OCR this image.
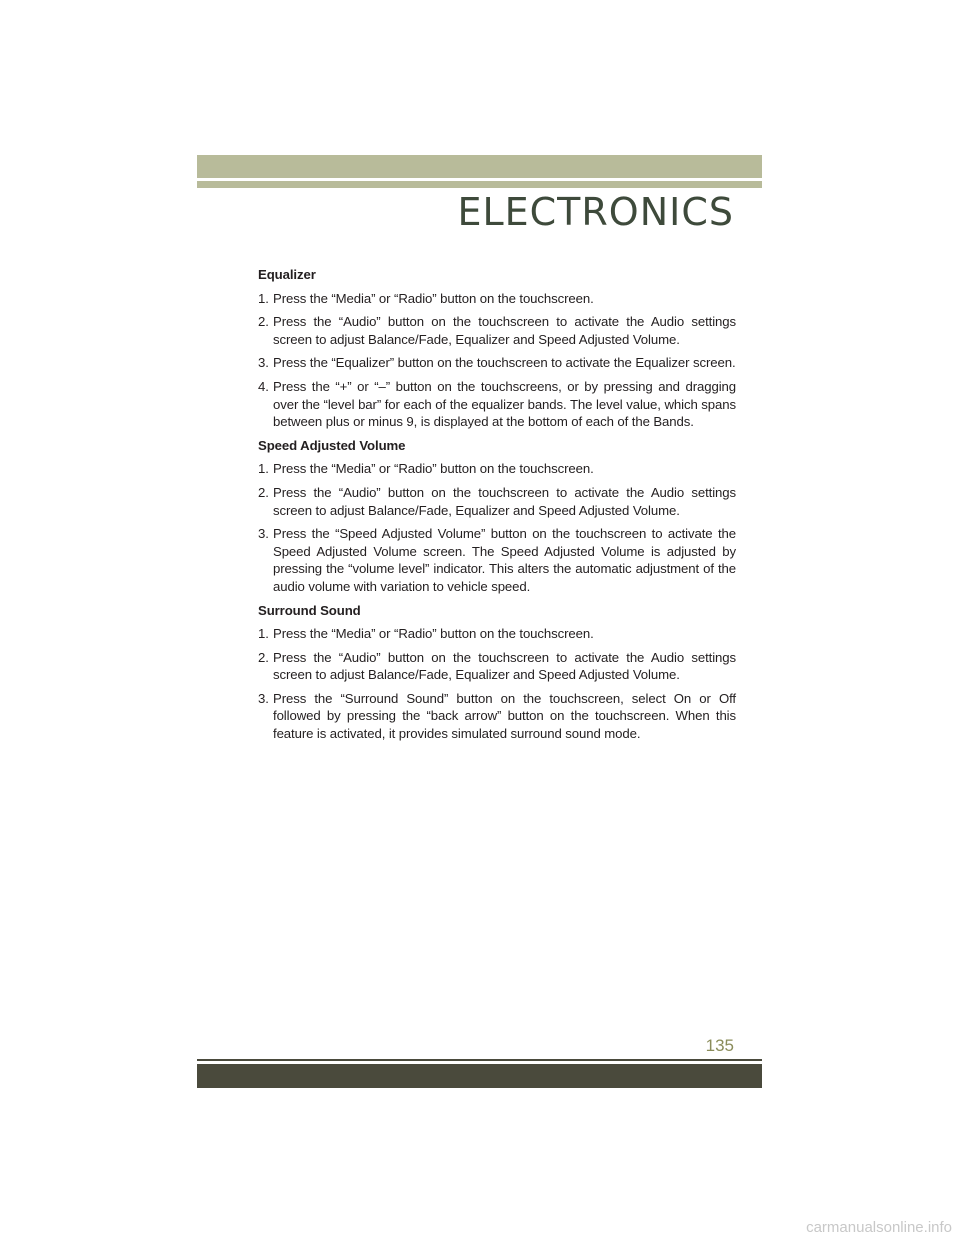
ELECTRONICS
Equalizer
1. Press the “Media” or “Radio” button on the touchscreen.
2. Press the “Audio” button on the touchscreen to activate the Audio settings screen to adjust Balance/Fade, Equalizer and Speed Adjusted Volume.
3. Press the “Equalizer” button on the touchscreen to activate the Equalizer screen.
4. Press the “+” or “–” button on the touchscreens, or by pressing and dragging over the “level bar” for each of the equalizer bands. The level value, which spans between plus or minus 9, is displayed at the bottom of each of the Bands.
Speed Adjusted Volume
1. Press the “Media” or “Radio” button on the touchscreen.
2. Press the “Audio” button on the touchscreen to activate the Audio settings screen to adjust Balance/Fade, Equalizer and Speed Adjusted Volume.
3. Press the “Speed Adjusted Volume” button on the touchscreen to activate the Speed Adjusted Volume screen. The Speed Adjusted Volume is adjusted by pressing the “volume level” indicator. This alters the automatic adjustment of the audio volume with variation to vehicle speed.
Surround Sound
1. Press the “Media” or “Radio” button on the touchscreen.
2. Press the “Audio” button on the touchscreen to activate the Audio settings screen to adjust Balance/Fade, Equalizer and Speed Adjusted Volume.
3. Press the “Surround Sound” button on the touchscreen, select On or Off followed by pressing the “back arrow” button on the touchscreen. When this feature is activated, it provides simulated surround sound mode.
135
carmanualsonline.info
